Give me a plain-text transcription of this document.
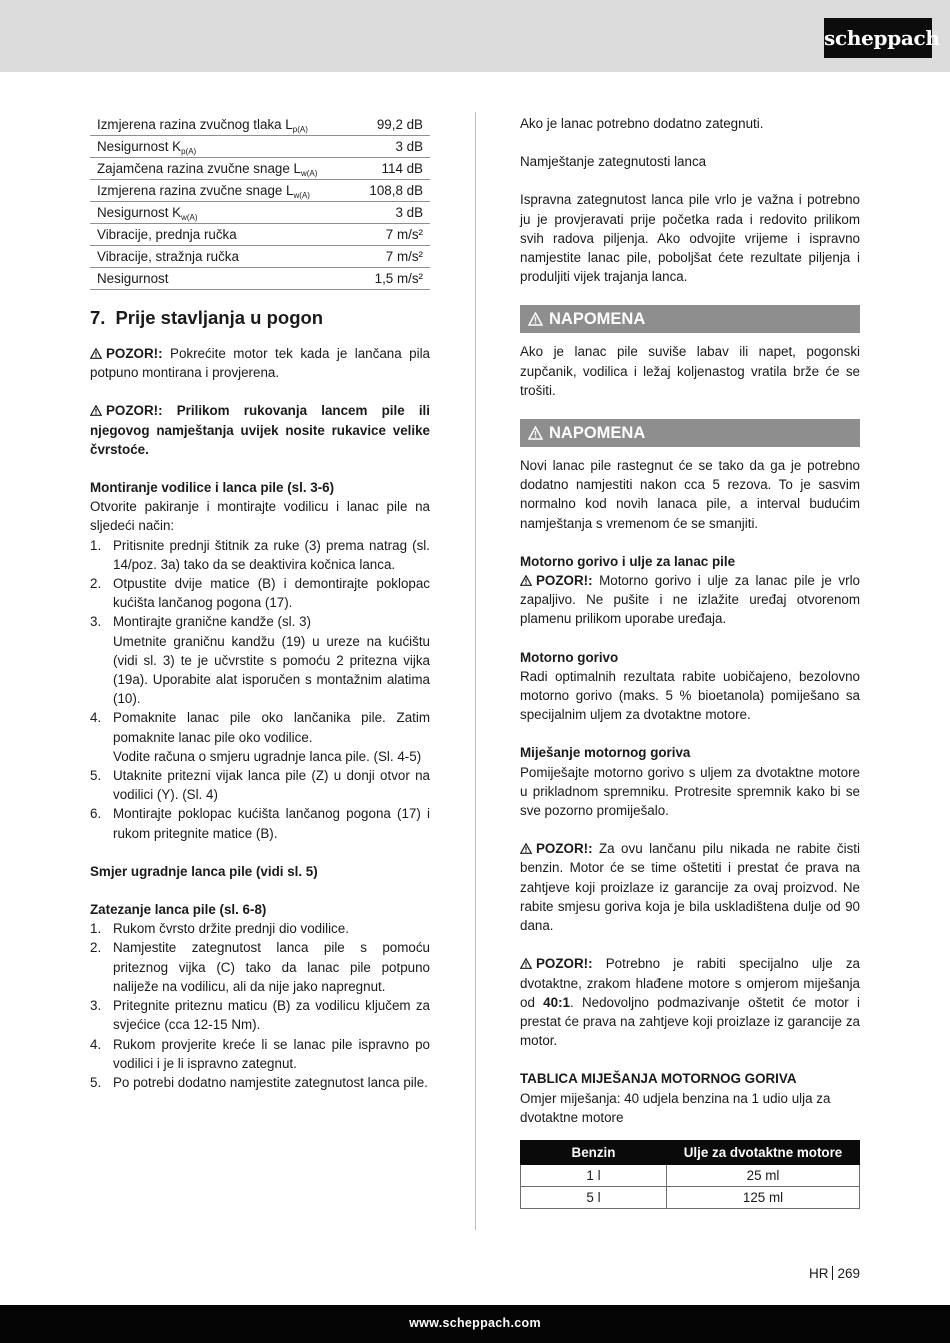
scheppach
Izmjerena razina zvučnog tlaka $L_{p(A)}$	99,2 dB
Nesigurnost $K_{p(A)}$	3 dB
Zajamčena razina zvučne snage $L_{w(A)}$	114 dB
Izmjerena razina zvučne snage $L_{w(A)}$	108,8 dB
Nesigurnost $K_{w(A)}$	3 dB
Vibracije, prednja ručka	7 m/s²
Vibracije, stražnja ručka	7 m/s²
Nesigurnost	1,5 m/s²
7. Prije stavljanja u pogon

POZOR!: Pokrećite motor tek kada je lančana pila potpuno montirana i provjerena.

POZOR!: Prilikom rukovanja lancem pile ili njegovog namještanja uvijek nosite rukavice velike čvrstoće.

Montiranje vodilice i lanca pile (sl. 3-6)

Otvorite pakiranje i montirajte vodilicu i lanac pile na sljedeći način:

1. Pritisnite prednji štitnik za ruke (3) prema natrag (sl. 14/poz. 3a) tako da se deaktivira kočnica lanca.
2. Otpustite dvije matice (B) i demontirajte poklopac kućišta lančanog pogona (17).
3. Montirajte granične kandže (sl. 3)
Umetnite graničnu kandžu (19) u ureze na kućištu (vidi sl. 3) te je učvrstite s pomoću 2 pritezna vijka (19a). Uporabite alat isporučen s montažnim alatima (10).
4. Pomaknite lanac pile oko lančanika pile. Zatim pomaknite lanac pile oko vodilice.
Vodite računa o smjeru ugradnje lanca pile. (Sl. 4-5)
5. Utaknite pritezni vijak lanca pile (Z) u donji otvor na vodilici (Y). (Sl. 4)
6. Montirajte poklopac kućišta lančanog pogona (17) i rukom pritegnite matice (B).

Smjer ugradnje lanca pile (vidi sl. 5)

Zatezanje lanca pile (sl. 6-8)

1. Rukom čvrsto držite prednji dio vodilice.
2. Namjestite zategnutost lanca pile s pomoću priteznog vijka (C) tako da lanac pile potpuno naliježe na vodilicu, ali da nije jako napregnut.
3. Pritegnite priteznu maticu (B) za vodilicu ključem za svjećice (cca 12-15 Nm).
4. Rukom provjerite kreće li se lanac pile ispravno po vodilici i je li ispravno zategnut.
5. Po potrebi dodatno namjestite zategnutost lanca pile.

Ako je lanac potrebno dodatno zategnuti.

Namještanje zategnutosti lanca

Ispravna zategnutost lanca pile vrlo je važna i potrebno ju je provjeravati prije početka rada i redovito prilikom svih radova piljenja. Ako odvojite vrijeme i ispravno namjestite lanac pile, poboljšat ćete rezultate piljenja i produljiti vijek trajanja lanca.

NAPOMENA

Ako je lanac pile suviše labav ili napet, pogonski zupčanik, vodilica i ležaj koljenastog vratila brže će se trošiti.

NAPOMENA

Novi lanac pile rastegnut će se tako da ga je potrebno dodatno namjestiti nakon cca 5 rezova. To je sasvim normalno kod novih lanaca pile, a interval budućim namještanja s vremenom će se smanjiti.

Motorno gorivo i ulje za lanac pile

POZOR!: Motorno gorivo i ulje za lanac pile je vrlo zapaljivo. Ne pušite i ne izlažite uređaj otvorenom plamenu prilikom uporabe uređaja.

Motorno gorivo

Radi optimalnih rezultata rabite uobičajeno, bezolovno motorno gorivo (maks. 5 % bioetanola) pomiješano sa specijalnim uljem za dvotaktne motore.

Miješanje motornog goriva

Pomiješajte motorno gorivo s uljem za dvotaktne motore u prikladnom spremniku. Protresite spremnik kako bi se sve pozorno promiješalo.

POZOR!: Za ovu lančanu pilu nikada ne rabite čisti benzin. Motor će se time oštetiti i prestat će prava na zahtjeve koji proizlaze iz garancije za ovaj proizvod. Ne rabite smjesu goriva koja je bila uskladištena dulje od 90 dana.

POZOR!: Potrebno je rabiti specijalno ulje za dvotaktne, zrakom hlađene motore s omjerom miješanja od 40:1. Nedovoljno podmazivanje oštetit će motor i prestat će prava na zahtjeve koji proizlaze iz garancije za motor.

TABLICA MIJEŠANJA MOTORNOG GORIVA

Omjer miješanja: 40 udjela benzina na 1 udio ulja za dvotaktne motore

Benzin	Ulje za dvotaktne motore
1 l	25 ml
5 l	125 ml
HR 269
www.scheppach.com
